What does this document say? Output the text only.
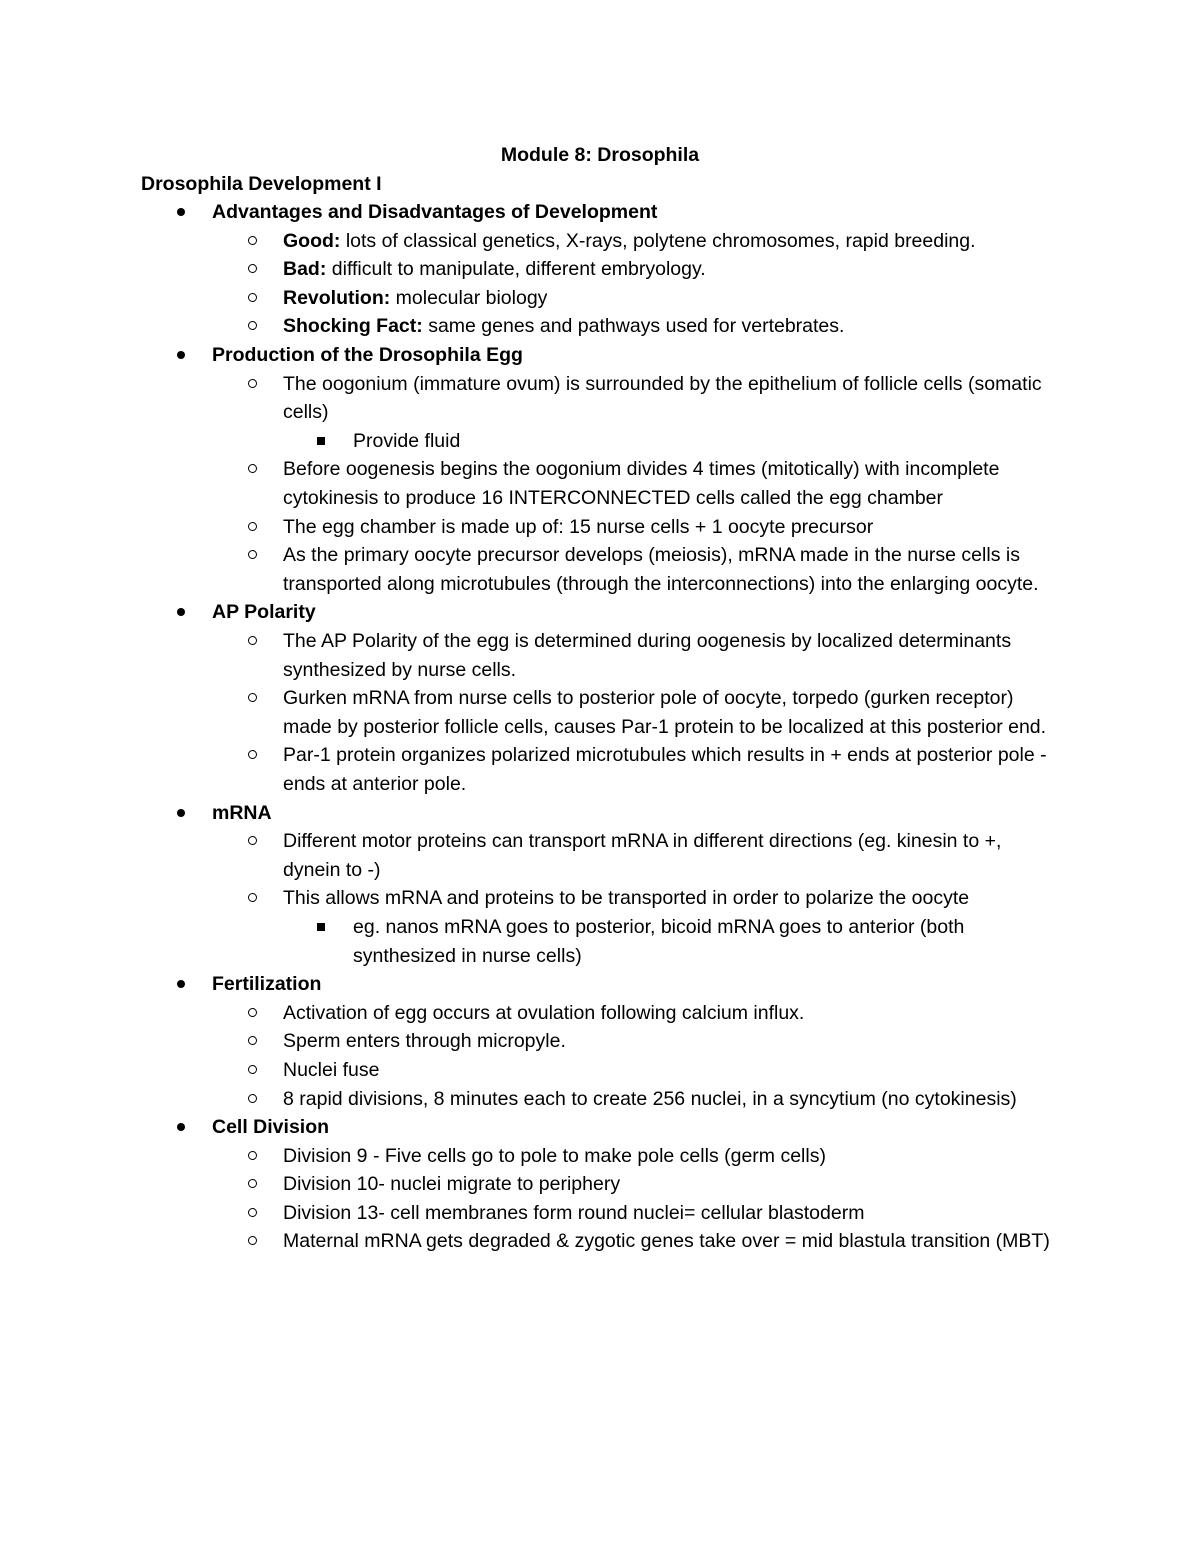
Module 8: Drosophila
Drosophila Development I
Advantages and Disadvantages of Development
Good: lots of classical genetics, X-rays, polytene chromosomes, rapid breeding.
Bad: difficult to manipulate, different embryology.
Revolution: molecular biology
Shocking Fact: same genes and pathways used for vertebrates.
Production of the Drosophila Egg
The oogonium (immature ovum) is surrounded by the epithelium of follicle cells (somatic cells)
Provide fluid
Before oogenesis begins the oogonium divides 4 times (mitotically) with incomplete cytokinesis to produce 16 INTERCONNECTED cells called the egg chamber
The egg chamber is made up of: 15 nurse cells + 1 oocyte precursor
As the primary oocyte precursor develops (meiosis), mRNA made in the nurse cells is transported along microtubules (through the interconnections) into the enlarging oocyte.
AP Polarity
The AP Polarity of the egg is determined during oogenesis by localized determinants synthesized by nurse cells.
Gurken mRNA from nurse cells to posterior pole of oocyte, torpedo (gurken receptor) made by posterior follicle cells, causes Par-1 protein to be localized at this posterior end.
Par-1 protein organizes polarized microtubules which results in + ends at posterior pole - ends at anterior pole.
mRNA
Different motor proteins can transport mRNA in different directions (eg. kinesin to +, dynein to -)
This allows mRNA and proteins to be transported in order to polarize the oocyte
eg. nanos mRNA goes to posterior, bicoid mRNA goes to anterior (both synthesized in nurse cells)
Fertilization
Activation of egg occurs at ovulation following calcium influx.
Sperm enters through micropyle.
Nuclei fuse
8 rapid divisions, 8 minutes each to create 256 nuclei, in a syncytium (no cytokinesis)
Cell Division
Division 9 - Five cells go to pole to make pole cells (germ cells)
Division 10- nuclei migrate to periphery
Division 13- cell membranes form round nuclei= cellular blastoderm
Maternal mRNA gets degraded & zygotic genes take over = mid blastula transition (MBT)
